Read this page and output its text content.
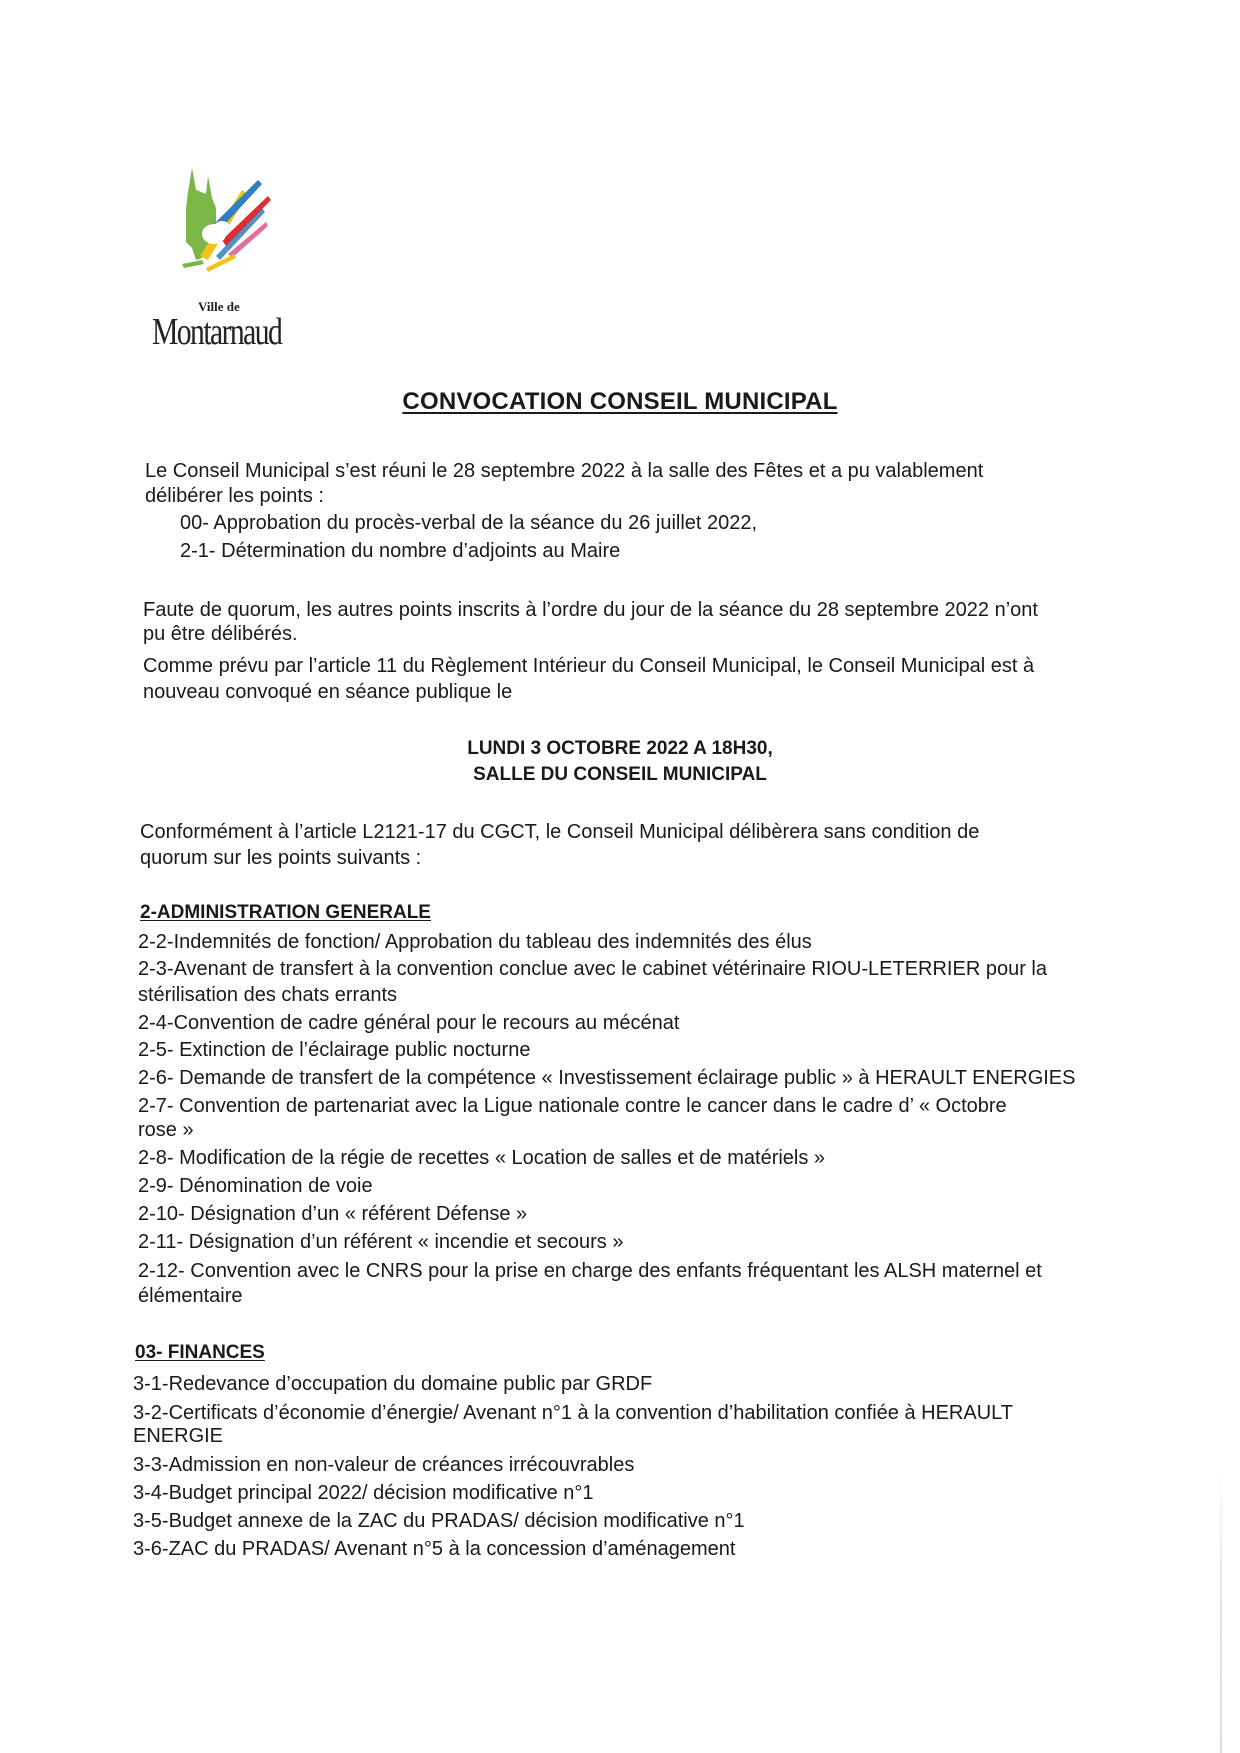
Ville de
Montarnaud
CONVOCATION CONSEIL MUNICIPAL
Le Conseil Municipal s’est réuni le 28 septembre 2022 à la salle des Fêtes et a pu valablement
délibérer les points :
00- Approbation du procès-verbal de la séance du 26 juillet 2022,
2-1- Détermination du nombre d’adjoints au Maire
Faute de quorum, les autres points inscrits à l’ordre du jour de la séance du 28 septembre 2022 n’ont
pu être délibérés.
Comme prévu par l’article 11 du Règlement Intérieur du Conseil Municipal, le Conseil Municipal est à
nouveau convoqué en séance publique le
LUNDI 3 OCTOBRE 2022 A 18H30,
SALLE DU CONSEIL MUNICIPAL
Conformément à l’article L2121-17 du CGCT, le Conseil Municipal délibèrera sans condition de
quorum sur les points suivants :
2-ADMINISTRATION GENERALE
2-2-Indemnités de fonction/ Approbation du tableau des indemnités des élus
2-3-Avenant de transfert à la convention conclue avec le cabinet vétérinaire RIOU-LETERRIER pour la
stérilisation des chats errants
2-4-Convention de cadre général pour le recours au mécénat
2-5- Extinction de l’éclairage public nocturne
2-6- Demande de transfert de la compétence « Investissement éclairage public » à HERAULT ENERGIES
2-7- Convention de partenariat avec la Ligue nationale contre le cancer dans le cadre d’ « Octobre
rose »
2-8- Modification de la régie de recettes « Location de salles et de matériels »
2-9- Dénomination de voie
2-10- Désignation d’un « référent Défense »
2-11- Désignation d’un référent « incendie et secours »
2-12- Convention avec le CNRS pour la prise en charge des enfants fréquentant les ALSH maternel et
élémentaire
03- FINANCES
3-1-Redevance d’occupation du domaine public par GRDF
3-2-Certificats d’économie d’énergie/ Avenant n°1 à la convention d’habilitation confiée à HERAULT
ENERGIE
3-3-Admission en non-valeur de créances irrécouvrables
3-4-Budget principal 2022/ décision modificative n°1
3-5-Budget annexe de la ZAC du PRADAS/ décision modificative n°1
3-6-ZAC du PRADAS/ Avenant n°5 à la concession d’aménagement
